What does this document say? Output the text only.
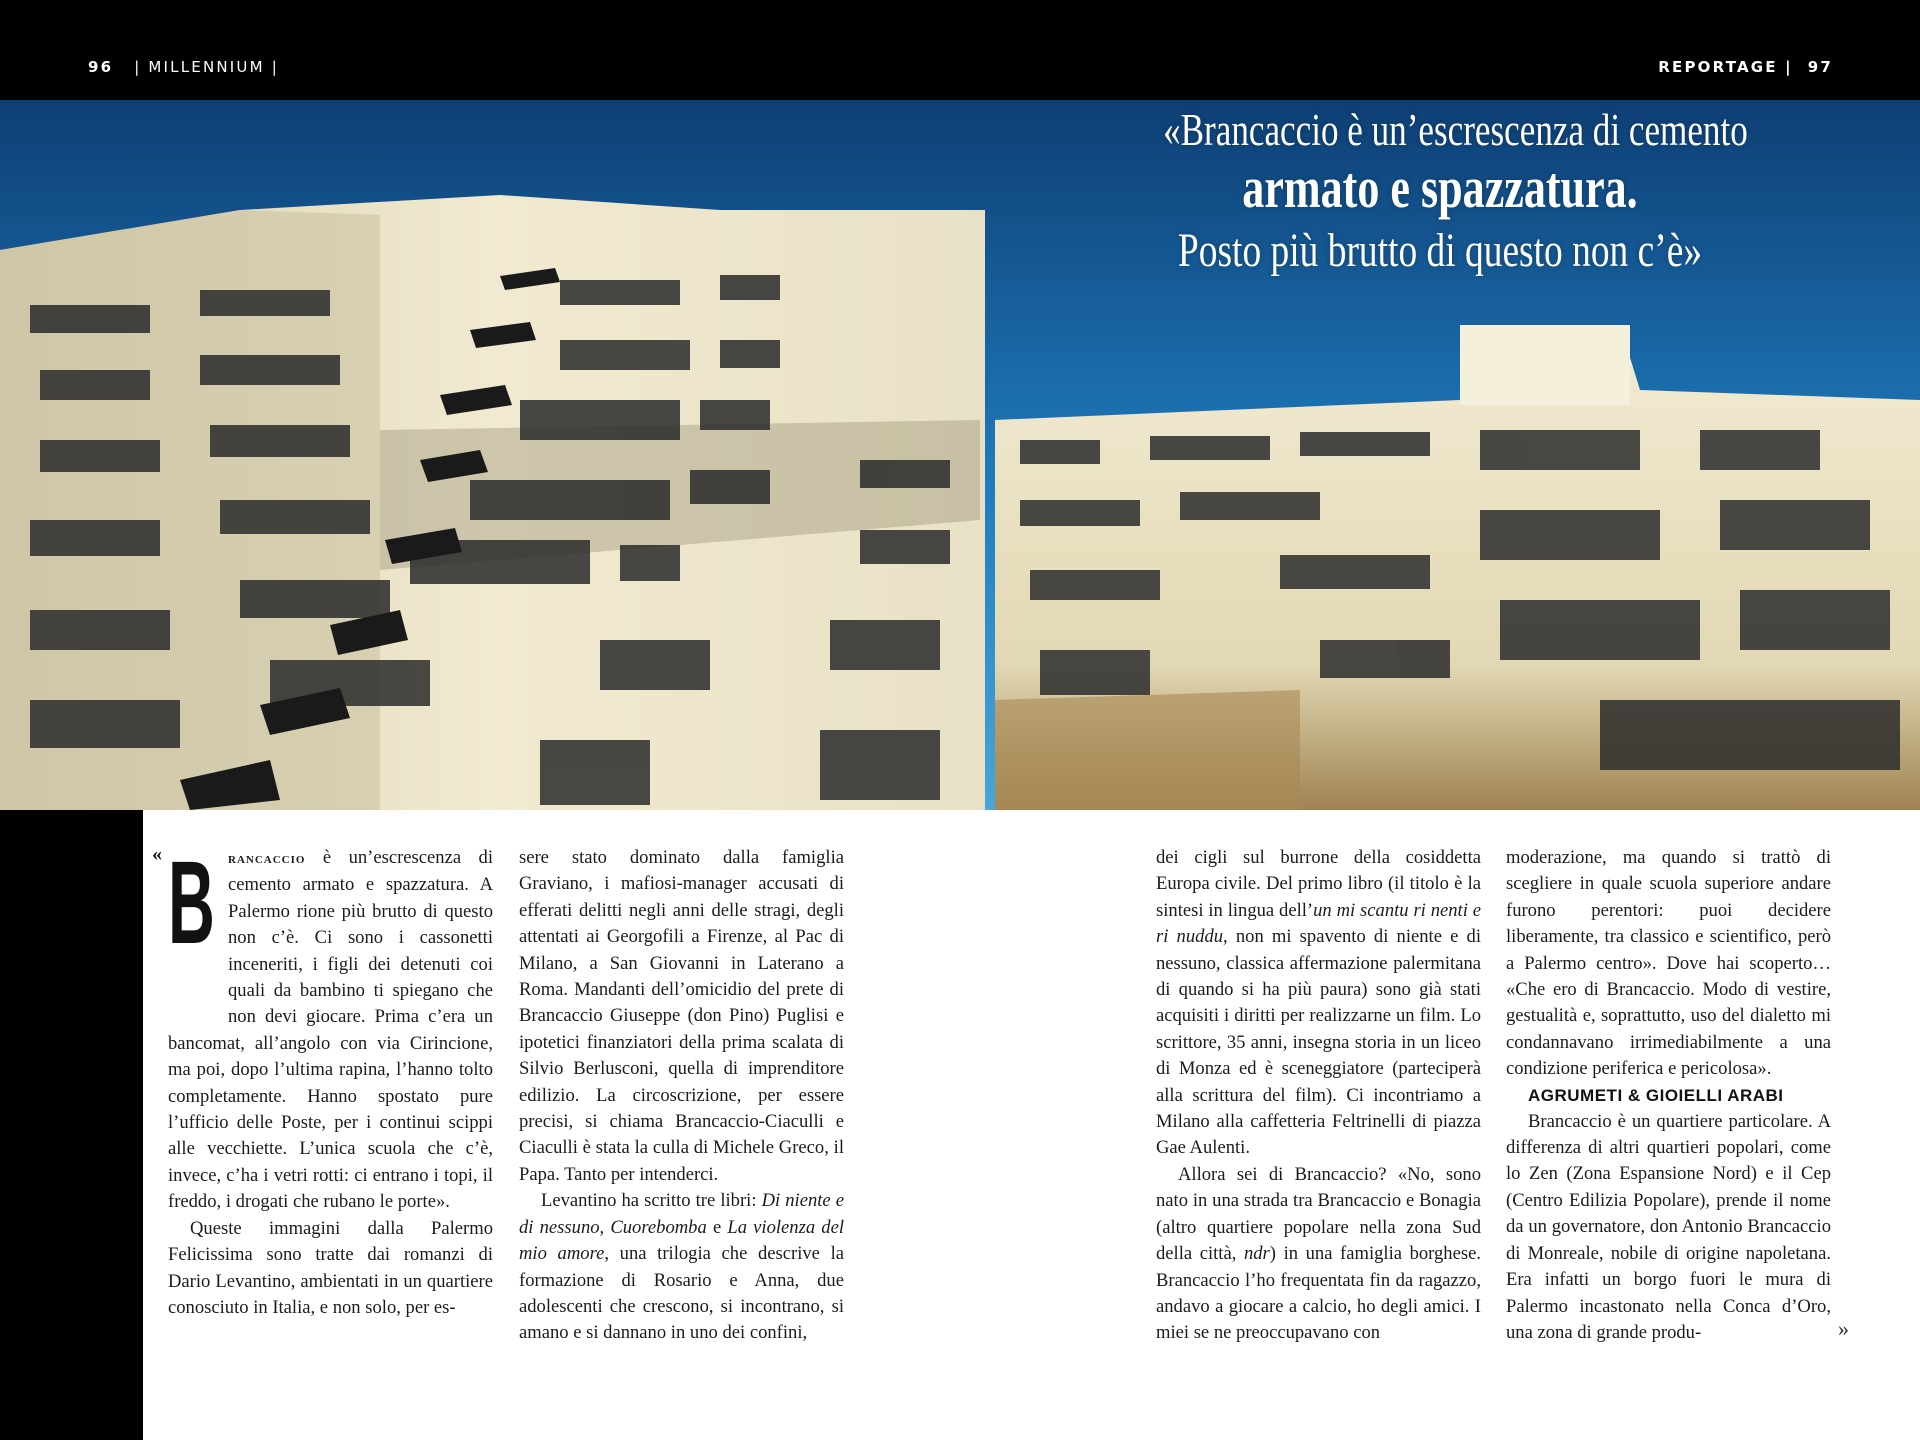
96 | MILLENNIUM |	REPORTAGE | 97
«Brancaccio è un’escrescenza di cemento
armato e spazzatura.
Posto più brutto di questo non c’è»
« Brancaccio è un’escrescenza di cemento armato e spazzatura. A Palermo rione più brutto di questo non c’è. Ci sono i cassonetti inceneriti, i figli dei detenuti coi quali da bambino ti spiegano che non devi giocare. Prima c’era un bancomat, all’angolo con via Cirincione, ma poi, dopo l’ultima rapina, l’hanno tolto completamente. Hanno spostato pure l’ufficio delle Poste, per i continui scippi alle vecchiette. L’unica scuola che c’è, invece, c’ha i vetri rotti: ci entrano i topi, il freddo, i drogati che rubano le porte».

Queste immagini dalla Palermo Felicissima sono tratte dai romanzi di Dario Levantino, ambientati in un quartiere conosciuto in Italia, e non solo, per es-

sere stato dominato dalla famiglia Graviano, i mafiosi-manager accusati di efferati delitti negli anni delle stragi, degli attentati ai Georgofili a Firenze, al Pac di Milano, a San Giovanni in Laterano a Roma. Mandanti dell’omicidio del prete di Brancaccio Giuseppe (don Pino) Puglisi e ipotetici finanziatori della prima scalata di Silvio Berlusconi, quella di imprenditore edilizio. La circoscrizione, per essere precisi, si chiama Brancaccio-Ciaculli e Ciaculli è stata la culla di Michele Greco, il Papa. Tanto per intenderci.

Levantino ha scritto tre libri: Di niente e di nessuno, Cuorebomba e La violenza del mio amore, una trilogia che descrive la formazione di Rosario e Anna, due adolescenti che crescono, si incontrano, si amano e si dannano in uno dei confini,

dei cigli sul burrone della cosiddetta Europa civile. Del primo libro (il titolo è la sintesi in lingua dell’un mi scantu ri nenti e ri nuddu, non mi spavento di niente e di nessuno, classica affermazione palermitana di quando si ha più paura) sono già stati acquisiti i diritti per realizzarne un film. Lo scrittore, 35 anni, insegna storia in un liceo di Monza ed è sceneggiatore (parteciperà alla scrittura del film). Ci incontriamo a Milano alla caffetteria Feltrinelli di piazza Gae Aulenti.

Allora sei di Brancaccio? «No, sono nato in una strada tra Brancaccio e Bonagia (altro quartiere popolare nella zona Sud della città, ndr) in una famiglia borghese. Brancaccio l’ho frequentata fin da ragazzo, andavo a giocare a calcio, ho degli amici. I miei se ne preoccupavano con

moderazione, ma quando si trattò di scegliere in quale scuola superiore andare furono perentori: puoi decidere liberamente, tra classico e scientifico, però a Palermo centro». Dove hai scoperto… «Che ero di Brancaccio. Modo di vestire, gestualità e, soprattutto, uso del dialetto mi condannavano irrimediabilmente a una condizione periferica e pericolosa».

AGRUMETI & GIOIELLI ARABI

Brancaccio è un quartiere particolare. A differenza di altri quartieri popolari, come lo Zen (Zona Espansione Nord) e il Cep (Centro Edilizia Popolare), prende il nome da un governatore, don Antonio Brancaccio di Monreale, nobile di origine napoletana. Era infatti un borgo fuori le mura di Palermo incastonato nella Conca d’Oro, una zona di grande produ-	»
